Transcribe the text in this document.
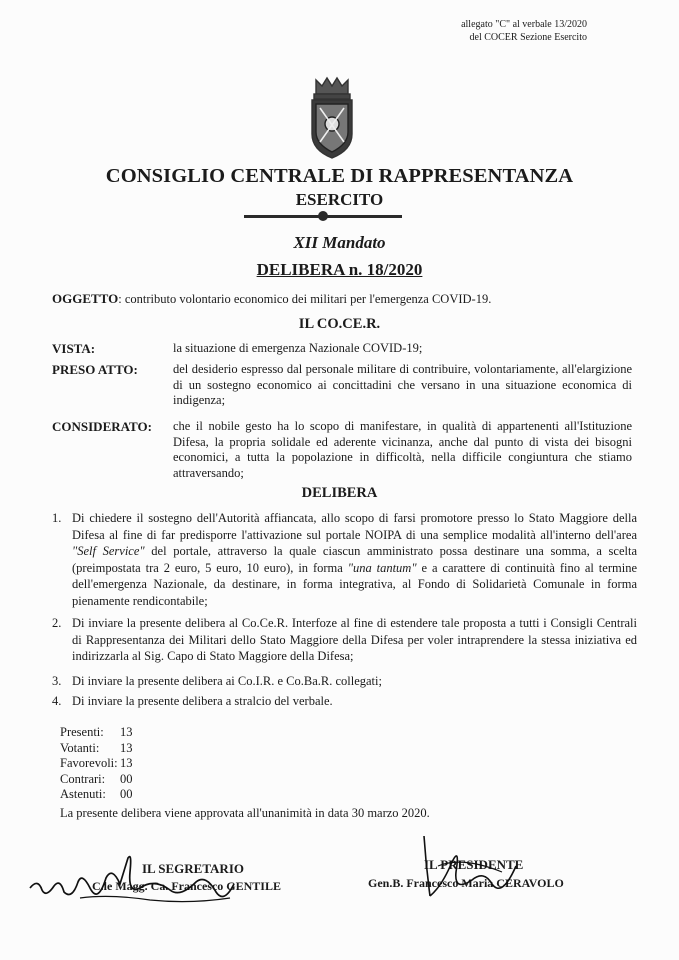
allegato "C" al verbale 13/2020
del COCER Sezione Esercito
CONSIGLIO CENTRALE DI RAPPRESENTANZA
ESERCITO
XII Mandato
DELIBERA n. 18/2020
OGGETTO: contributo volontario economico dei militari per l'emergenza COVID-19.
IL CO.CE.R.
VISTA:	la situazione di emergenza Nazionale COVID-19;
PRESO ATTO:	del desiderio espresso dal personale militare di contribuire, volontariamente, all'elargizione di un sostegno economico ai concittadini che versano in una situazione economica di indigenza;
CONSIDERATO: che il nobile gesto ha lo scopo di manifestare, in qualità di appartenenti all'Istituzione Difesa, la propria solidale ed aderente vicinanza, anche dal punto di vista dei bisogni economici, a tutta la popolazione in difficoltà, nella difficile congiuntura che stiamo attraversando;
DELIBERA
1. Di chiedere il sostegno dell'Autorità affiancata, allo scopo di farsi promotore presso lo Stato Maggiore della Difesa al fine di far predisporre l'attivazione sul portale NOIPA di una semplice modalità all'interno dell'area "Self Service" del portale, attraverso la quale ciascun amministrato possa destinare una somma, a scelta (preimpostata tra 2 euro, 5 euro, 10 euro), in forma "una tantum" e a carattere di continuità fino al termine dell'emergenza Nazionale, da destinare, in forma integrativa, al Fondo di Solidarietà Comunale in forma pienamente rendicontabile;
2. Di inviare la presente delibera al Co.Ce.R. Interfoze al fine di estendere tale proposta a tutti i Consigli Centrali di Rappresentanza dei Militari dello Stato Maggiore della Difesa per voler intraprendere la stessa iniziativa ed indirizzarla al Sig. Capo di Stato Maggiore della Difesa;
3. Di inviare la presente delibera ai Co.I.R. e Co.Ba.R. collegati;
4. Di inviare la presente delibera a stralcio del verbale.
Presenti: 13
Votanti: 13
Favorevoli: 13
Contrari: 00
Astenuti: 00
La presente delibera viene approvata all'unanimità in data 30 marzo 2020.
IL SEGRETARIO
C.le Magg. Ca. Francesco GENTILE
IL PRESIDENTE
Gen.B. Francesco Maria CERAVOLO
